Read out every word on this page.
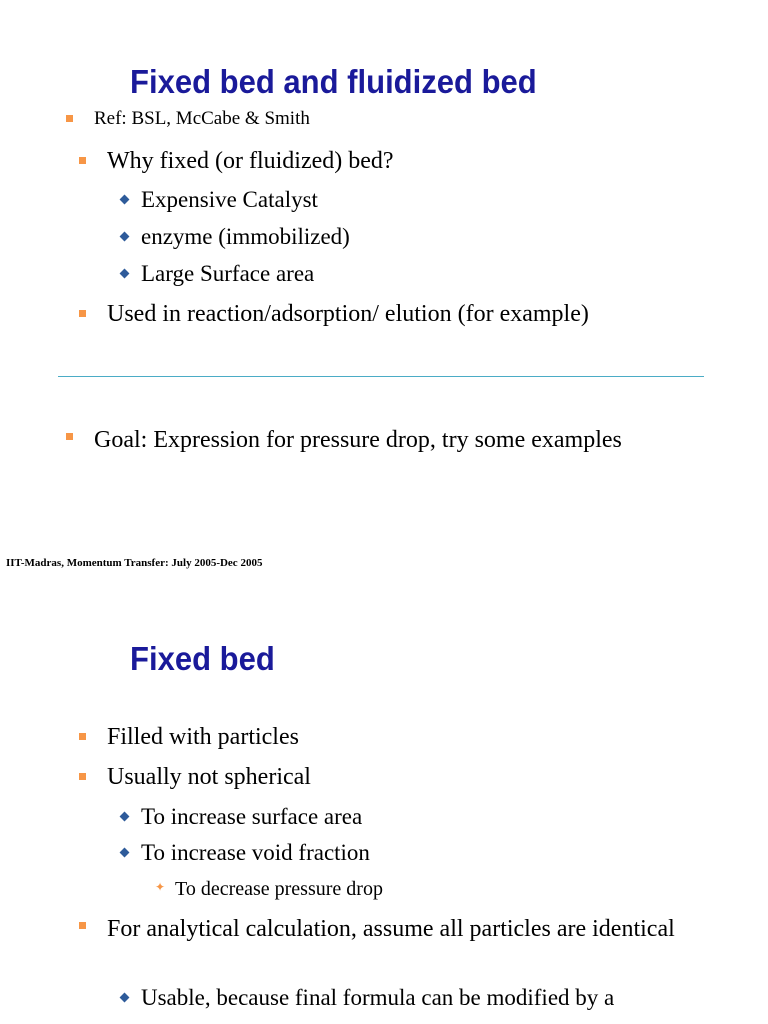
Fixed bed and fluidized bed
Ref: BSL, McCabe & Smith
Why fixed (or fluidized) bed?
Expensive Catalyst
enzyme (immobilized)
Large Surface area
Used in reaction/adsorption/ elution (for example)
Goal: Expression for pressure drop, try some examples
IIT-Madras, Momentum Transfer: July 2005-Dec 2005
Fixed bed
Filled with particles
Usually not spherical
To increase surface area
To increase void fraction
✦ To decrease pressure drop
For analytical calculation, assume all particles are identical
Usable, because final formula can be modified by a
